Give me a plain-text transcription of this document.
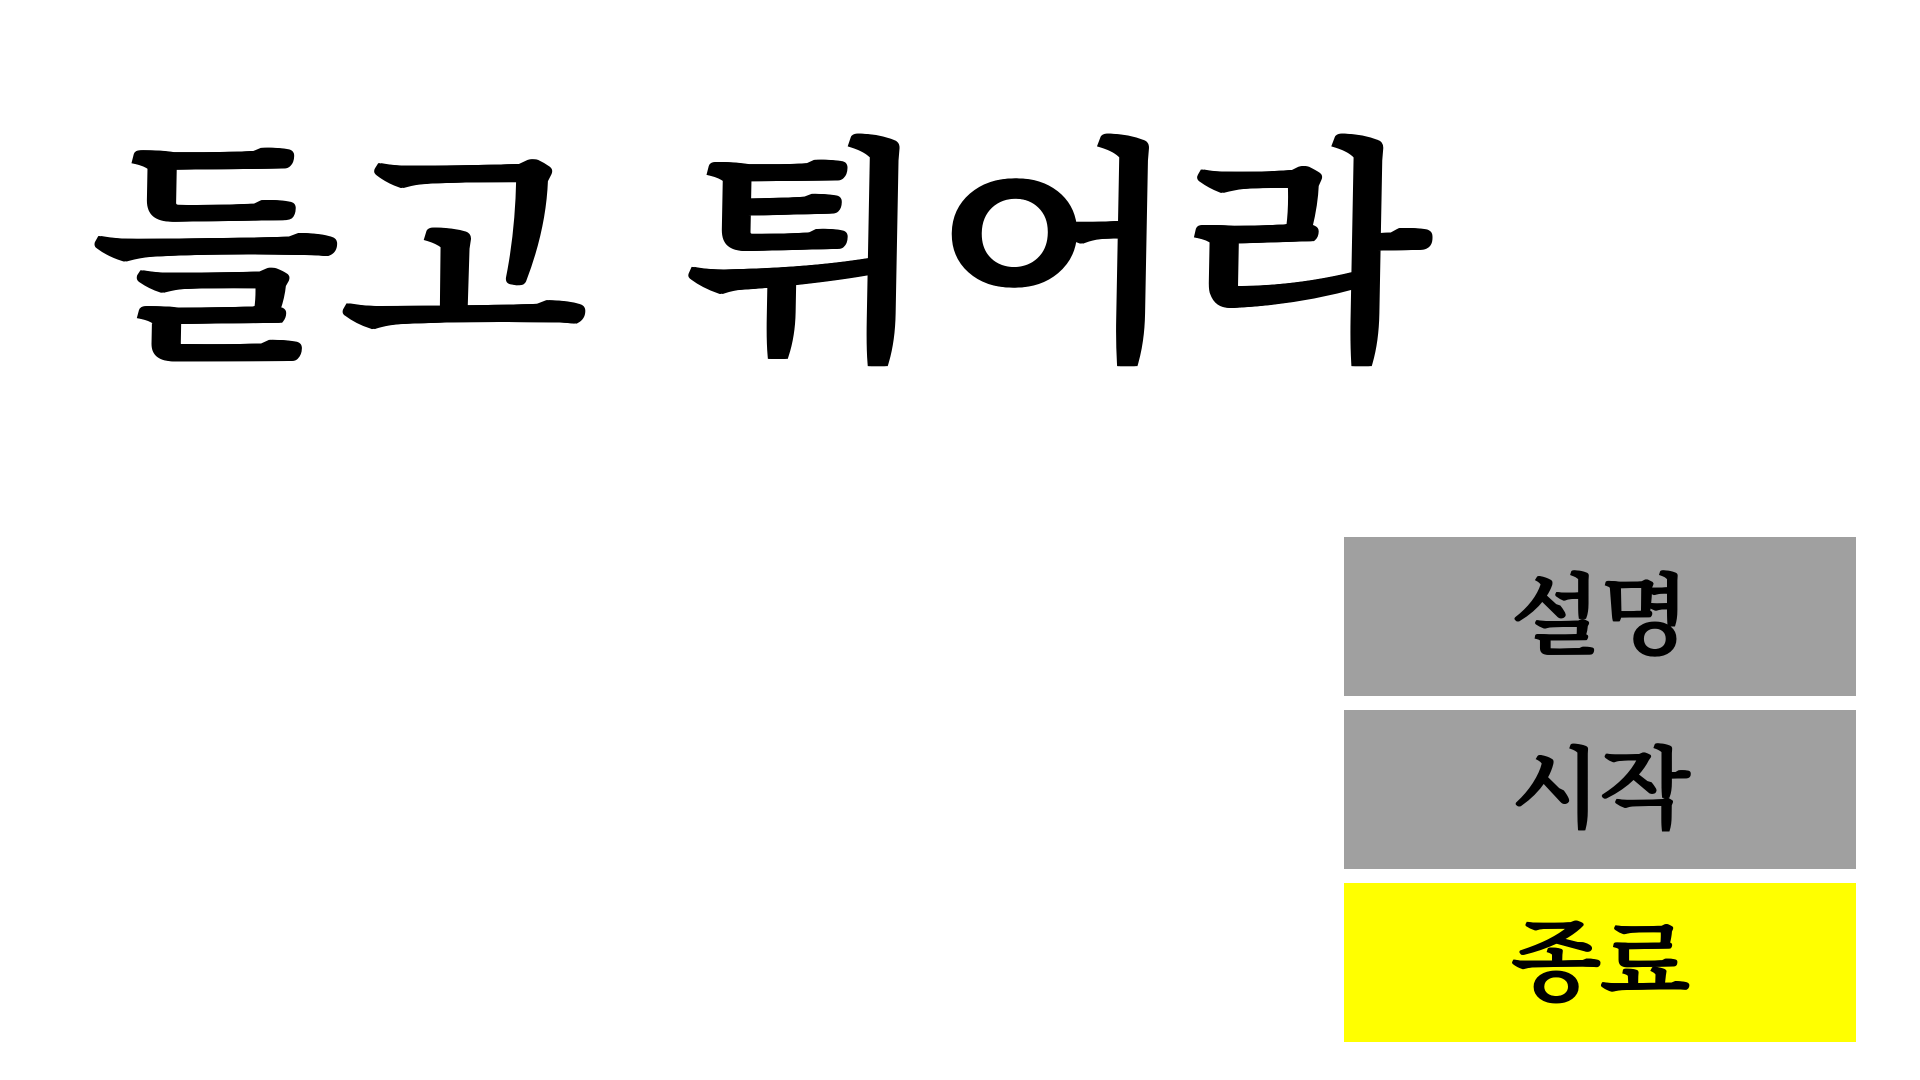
들고 튀어라
설명
시작
종료
